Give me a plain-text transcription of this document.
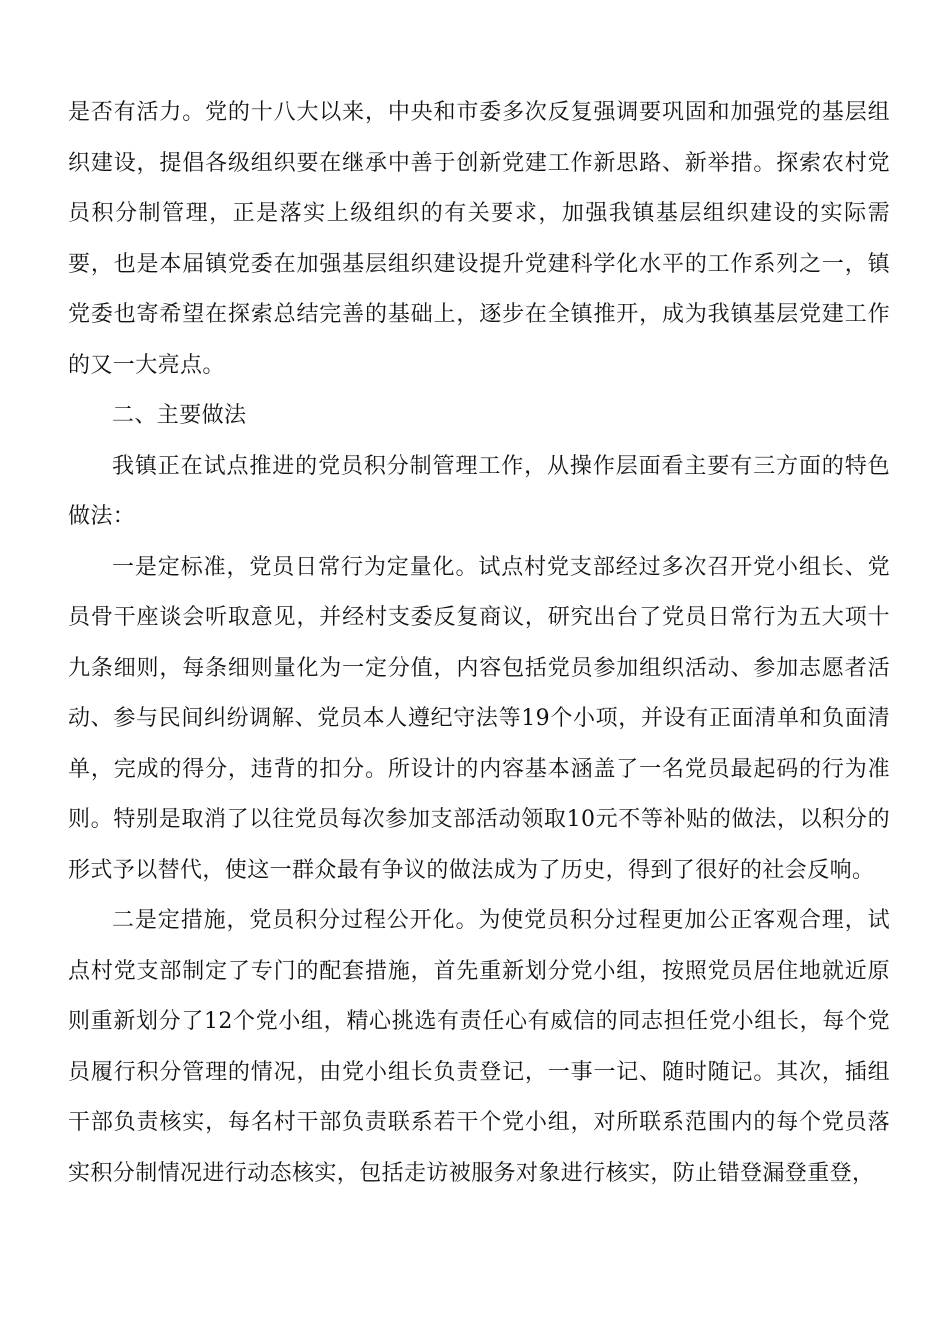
是否有活力。党的十八大以来，中央和市委多次反复强调要巩固和加强党的基层组织建设，提倡各级组织要在继承中善于创新党建工作新思路、新举措。探索农村党员积分制管理，正是落实上级组织的有关要求，加强我镇基层组织建设的实际需要，也是本届镇党委在加强基层组织建设提升党建科学化水平的工作系列之一，镇党委也寄希望在探索总结完善的基础上，逐步在全镇推开，成为我镇基层党建工作的又一大亮点。

二、主要做法

我镇正在试点推进的党员积分制管理工作，从操作层面看主要有三方面的特色做法：

一是定标准，党员日常行为定量化。试点村党支部经过多次召开党小组长、党员骨干座谈会听取意见，并经村支委反复商议，研究出台了党员日常行为五大项十九条细则，每条细则量化为一定分值，内容包括党员参加组织活动、参加志愿者活动、参与民间纠纷调解、党员本人遵纪守法等19个小项，并设有正面清单和负面清单，完成的得分，违背的扣分。所设计的内容基本涵盖了一名党员最起码的行为准则。特别是取消了以往党员每次参加支部活动领取10元不等补贴的做法，以积分的形式予以替代，使这一群众最有争议的做法成为了历史，得到了很好的社会反响。

二是定措施，党员积分过程公开化。为使党员积分过程更加公正客观合理，试点村党支部制定了专门的配套措施，首先重新划分党小组，按照党员居住地就近原则重新划分了12个党小组，精心挑选有责任心有威信的同志担任党小组长，每个党员履行积分管理的情况，由党小组长负责登记，一事一记、随时随记。其次，插组干部负责核实，每名村干部负责联系若干个党小组，对所联系范围内的每个党员落实积分制情况进行动态核实，包括走访被服务对象进行核实，防止错登漏登重登，
